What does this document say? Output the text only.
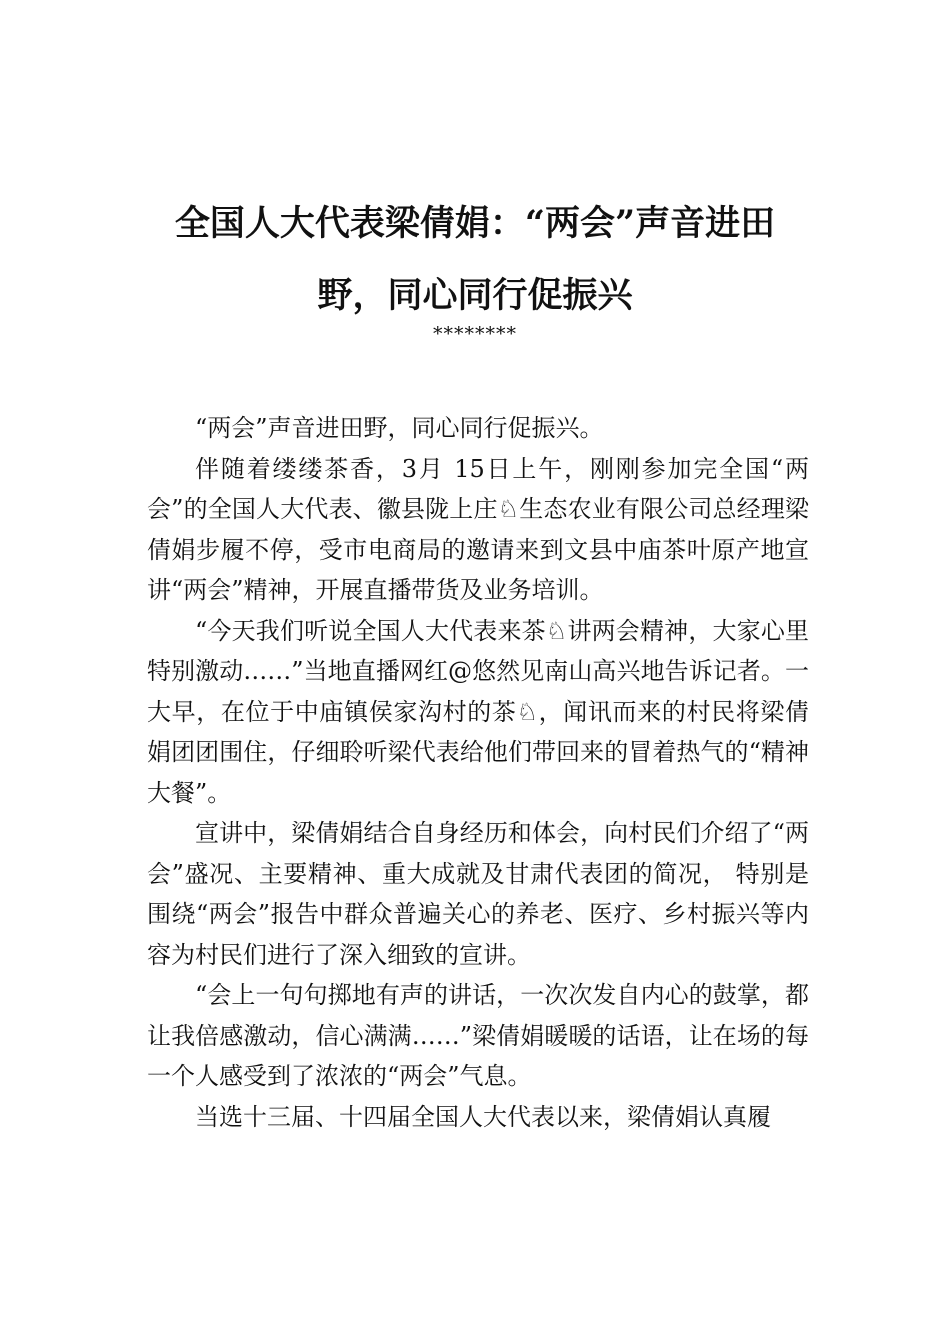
全国人大代表梁倩娟：“两会”声音进田
野，同心同行促振兴
********

“两会”声音进田野，同心同行促振兴。

伴随着缕缕茶香，3月 15日上午，刚刚参加完全国“两会”的全国人大代表、徽县陇上庄♘生态农业有限公司总经理梁倩娟步履不停，受市电商局的邀请来到文县中庙茶叶原产地宣讲“两会”精神，开展直播带货及业务培训。

“今天我们听说全国人大代表来茶♘讲两会精神，大家心里特别激动……”当地直播网红@悠然见南山高兴地告诉记者。一大早，在位于中庙镇侯家沟村的茶♘，闻讯而来的村民将梁倩娟团团围住，仔细聆听梁代表给他们带回来的冒着热气的“精神大餐”。

宣讲中，梁倩娟结合自身经历和体会，向村民们介绍了“两会”盛况、主要精神、重大成就及甘肃代表团的简况， 特别是围绕“两会”报告中群众普遍关心的养老、医疗、乡村振兴等内容为村民们进行了深入细致的宣讲。

“会上一句句掷地有声的讲话，一次次发自内心的鼓掌，都让我倍感激动，信心满满……”梁倩娟暖暖的话语，让在场的每一个人感受到了浓浓的“两会”气息。

当选十三届、十四届全国人大代表以来，梁倩娟认真履
